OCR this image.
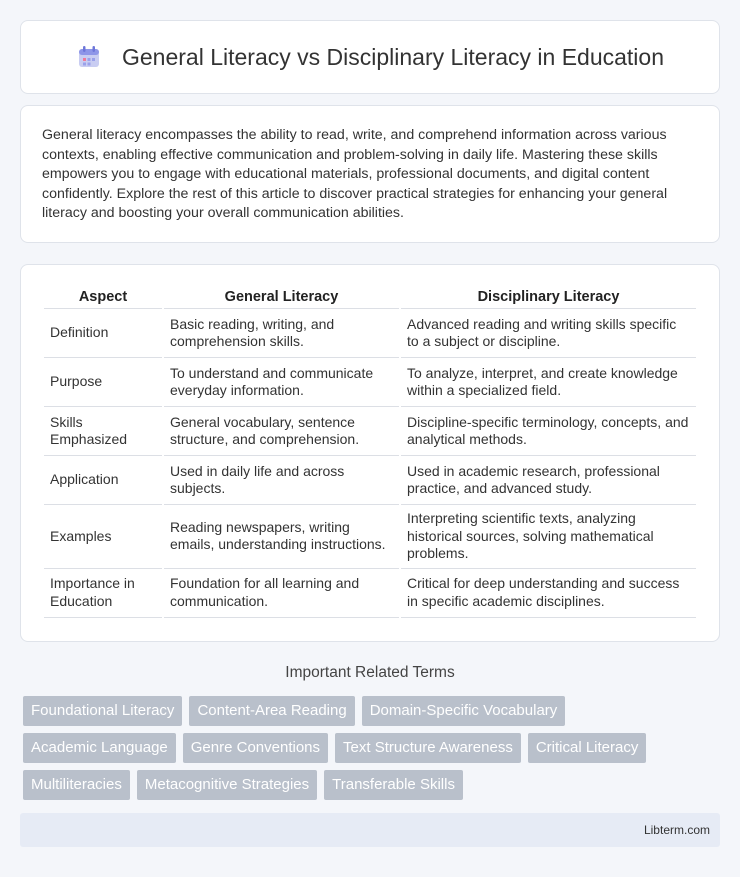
General Literacy vs Disciplinary Literacy in Education

General literacy encompasses the ability to read, write, and comprehend information across various contexts, enabling effective communication and problem-solving in daily life. Mastering these skills empowers you to engage with educational materials, professional documents, and digital content confidently. Explore the rest of this article to discover practical strategies for enhancing your general literacy and boosting your overall communication abilities.

Aspect	General Literacy	Disciplinary Literacy
Definition	Basic reading, writing, and comprehension skills.	Advanced reading and writing skills specific to a subject or discipline.
Purpose	To understand and communicate everyday information.	To analyze, interpret, and create knowledge within a specialized field.
Skills Emphasized	General vocabulary, sentence structure, and comprehension.	Discipline-specific terminology, concepts, and analytical methods.
Application	Used in daily life and across subjects.	Used in academic research, professional practice, and advanced study.
Examples	Reading newspapers, writing emails, understanding instructions.	Interpreting scientific texts, analyzing historical sources, solving mathematical problems.
Importance in Education	Foundation for all learning and communication.	Critical for deep understanding and success in specific academic disciplines.
Important Related Terms
Foundational Literacy	Content-Area Reading	Domain-Specific Vocabulary
Academic Language	Genre Conventions	Text Structure Awareness	Critical Literacy
Multiliteracies	Metacognitive Strategies	Transferable Skills
Libterm.com
